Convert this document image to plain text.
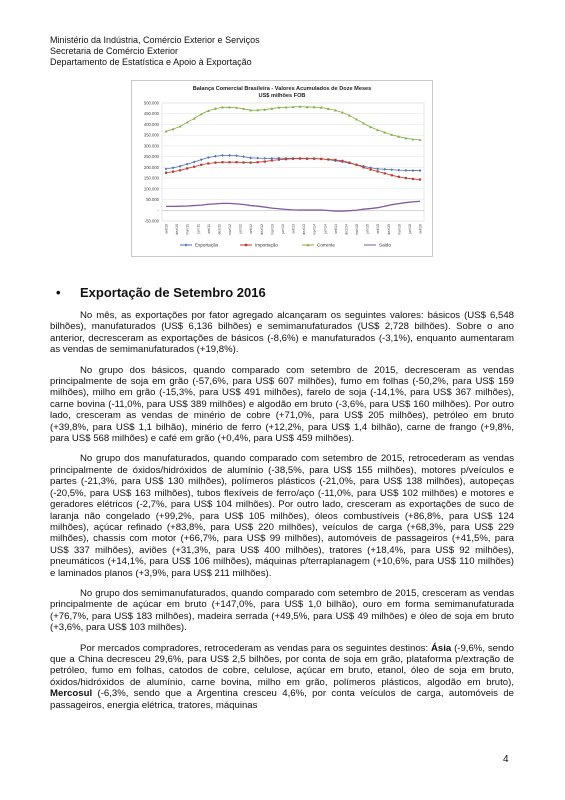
Ministério da Indústria, Comércio Exterior e Serviços
Secretaria de Comércio Exterior
Departamento de Estatística e Apoio à Exportação
Balança Comercial Brasileira - Valores Acumulados de Doze Meses
US$ milhões FOB
500.000
450.000
400.000
350.000
300.000
250.000
200.000
150.000
100.000
50.000
-
-50.000
set/10 dez/10 mar/11 jun/11 set/11 dez/11 mar/12 jun/12 set/12 dez/12 mar/13 jun/13 set/13 dez/13 mar/14 jun/14 set/14 dez/14 mar/15 jun/15 set/15 dez/15 mar/16 jun/16 set/16
Exportação	Importação	Corrente	Saldo
• Exportação de Setembro 2016

No mês, as exportações por fator agregado alcançaram os seguintes valores: básicos (US$ 6,548 bilhões), manufaturados (US$ 6,136 bilhões) e semimanufaturados (US$ 2,728 bilhões). Sobre o ano anterior, decresceram as exportações de básicos (-8,6%) e manufaturados (-3,1%), enquanto aumentaram as vendas de semimanufaturados (+19,8%).

No grupo dos básicos, quando comparado com setembro de 2015, decresceram as vendas principalmente de soja em grão (-57,6%, para US$ 607 milhões), fumo em folhas (-50,2%, para US$ 159 milhões), milho em grão (-15,3%, para US$ 491 milhões), farelo de soja (-14,1%, para US$ 367 milhões), carne bovina (-11,0%, para US$ 389 milhões) e algodão em bruto (-3,6%, para US$ 160 milhões). Por outro lado, cresceram as vendas de minério de cobre (+71,0%, para US$ 205 milhões), petróleo em bruto (+39,8%, para US$ 1,1 bilhão), minério de ferro (+12,2%, para US$ 1,4 bilhão), carne de frango (+9,8%, para US$ 568 milhões) e café em grão (+0,4%, para US$ 459 milhões).

No grupo dos manufaturados, quando comparado com setembro de 2015, retrocederam as vendas principalmente de óxidos/hidróxidos de alumínio (-38,5%, para US$ 155 milhões), motores p/veículos e partes (-21,3%, para US$ 130 milhões), polímeros plásticos (-21,0%, para US$ 138 milhões), autopeças (-20,5%, para US$ 163 milhões), tubos flexíveis de ferro/aço (-11,0%, para US$ 102 milhões) e motores e geradores elétricos (-2,7%, para US$ 104 milhões). Por outro lado, cresceram as exportações de suco de laranja não congelado (+99,2%, para US$ 105 milhões), óleos combustíveis (+86,8%, para US$ 124 milhões), açúcar refinado (+83,8%, para US$ 220 milhões), veículos de carga (+68,3%, para US$ 229 milhões), chassis com motor (+66,7%, para US$ 99 milhões), automóveis de passageiros (+41,5%, para US$ 337 milhões), aviões (+31,3%, para US$ 400 milhões), tratores (+18,4%, para US$ 92 milhões), pneumáticos (+14,1%, para US$ 106 milhões), máquinas p/terraplanagem (+10,6%, para US$ 110 milhões) e laminados planos (+3,9%, para US$ 211 milhões).

No grupo dos semimanufaturados, quando comparado com setembro de 2015, cresceram as vendas principalmente de açúcar em bruto (+147,0%, para US$ 1,0 bilhão), ouro em forma semimanufaturada (+76,7%, para US$ 183 milhões), madeira serrada (+49,5%, para US$ 49 milhões) e óleo de soja em bruto (+3,6%, para US$ 103 milhões).

Por mercados compradores, retrocederam as vendas para os seguintes destinos: Ásia (-9,6%, sendo que a China decresceu 29,6%, para US$ 2,5 bilhões, por conta de soja em grão, plataforma p/extração de petróleo, fumo em folhas, catodos de cobre, celulose, açúcar em bruto, etanol, óleo de soja em bruto, óxidos/hidróxidos de alumínio, carne bovina, milho em grão, polímeros plásticos, algodão em bruto), Mercosul (-6,3%, sendo que a Argentina cresceu 4,6%, por conta veículos de carga, automóveis de passageiros, energia elétrica, tratores, máquinas

4
